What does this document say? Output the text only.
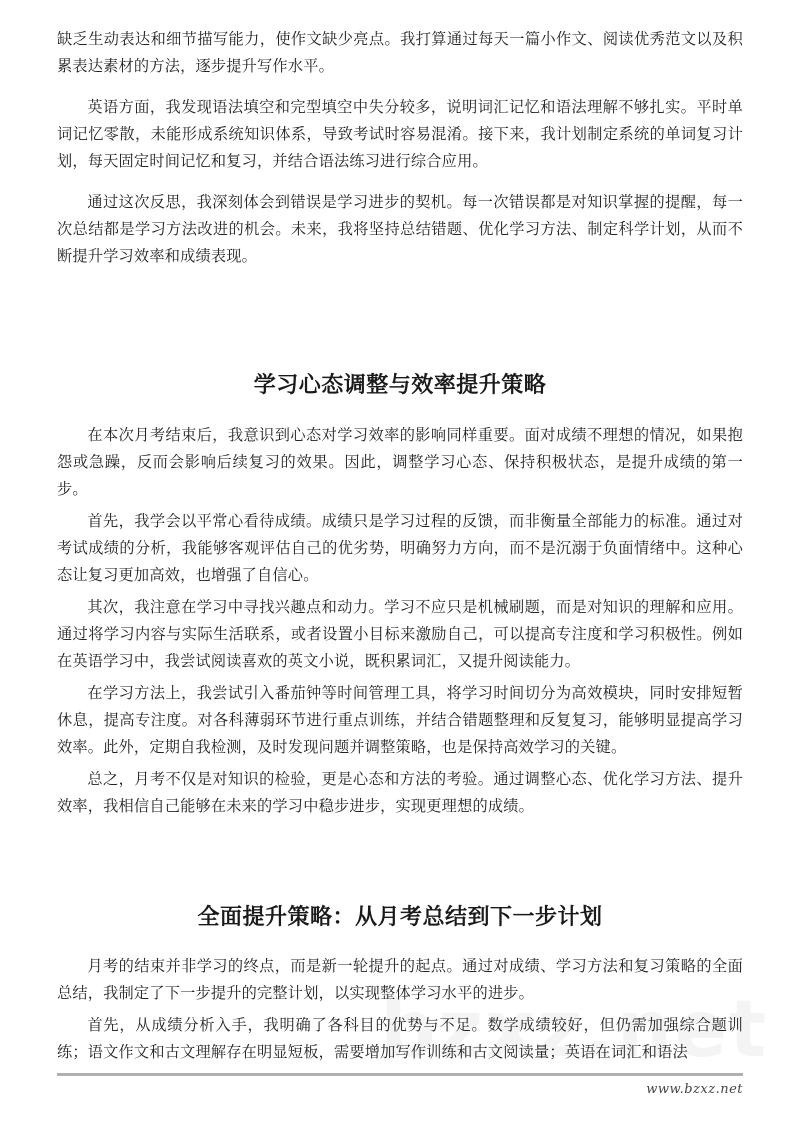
缺乏生动表达和细节描写能力，使作文缺少亮点。我打算通过每天一篇小作文、阅读优秀范文以及积累表达素材的方法，逐步提升写作水平。

英语方面，我发现语法填空和完型填空中失分较多，说明词汇记忆和语法理解不够扎实。平时单词记忆零散，未能形成系统知识体系，导致考试时容易混淆。接下来，我计划制定系统的单词复习计划，每天固定时间记忆和复习，并结合语法练习进行综合应用。

通过这次反思，我深刻体会到错误是学习进步的契机。每一次错误都是对知识掌握的提醒，每一次总结都是学习方法改进的机会。未来，我将坚持总结错题、优化学习方法、制定科学计划，从而不断提升学习效率和成绩表现。

学习心态调整与效率提升策略

在本次月考结束后，我意识到心态对学习效率的影响同样重要。面对成绩不理想的情况，如果抱怨或急躁，反而会影响后续复习的效果。因此，调整学习心态、保持积极状态，是提升成绩的第一步。

首先，我学会以平常心看待成绩。成绩只是学习过程的反馈，而非衡量全部能力的标准。通过对考试成绩的分析，我能够客观评估自己的优劣势，明确努力方向，而不是沉溺于负面情绪中。这种心态让复习更加高效，也增强了自信心。

其次，我注意在学习中寻找兴趣点和动力。学习不应只是机械刷题，而是对知识的理解和应用。通过将学习内容与实际生活联系，或者设置小目标来激励自己，可以提高专注度和学习积极性。例如在英语学习中，我尝试阅读喜欢的英文小说，既积累词汇，又提升阅读能力。

在学习方法上，我尝试引入番茄钟等时间管理工具，将学习时间切分为高效模块，同时安排短暂休息，提高专注度。对各科薄弱环节进行重点训练，并结合错题整理和反复复习，能够明显提高学习效率。此外，定期自我检测，及时发现问题并调整策略，也是保持高效学习的关键。

总之，月考不仅是对知识的检验，更是心态和方法的考验。通过调整心态、优化学习方法、提升效率，我相信自己能够在未来的学习中稳步进步，实现更理想的成绩。

全面提升策略：从月考总结到下一步计划

月考的结束并非学习的终点，而是新一轮提升的起点。通过对成绩、学习方法和复习策略的全面总结，我制定了下一步提升的完整计划，以实现整体学习水平的进步。

首先，从成绩分析入手，我明确了各科目的优势与不足。数学成绩较好，但仍需加强综合题训练；语文作文和古文理解存在明显短板，需要增加写作训练和古文阅读量；英语在词汇和语法

www.bzxz.net
